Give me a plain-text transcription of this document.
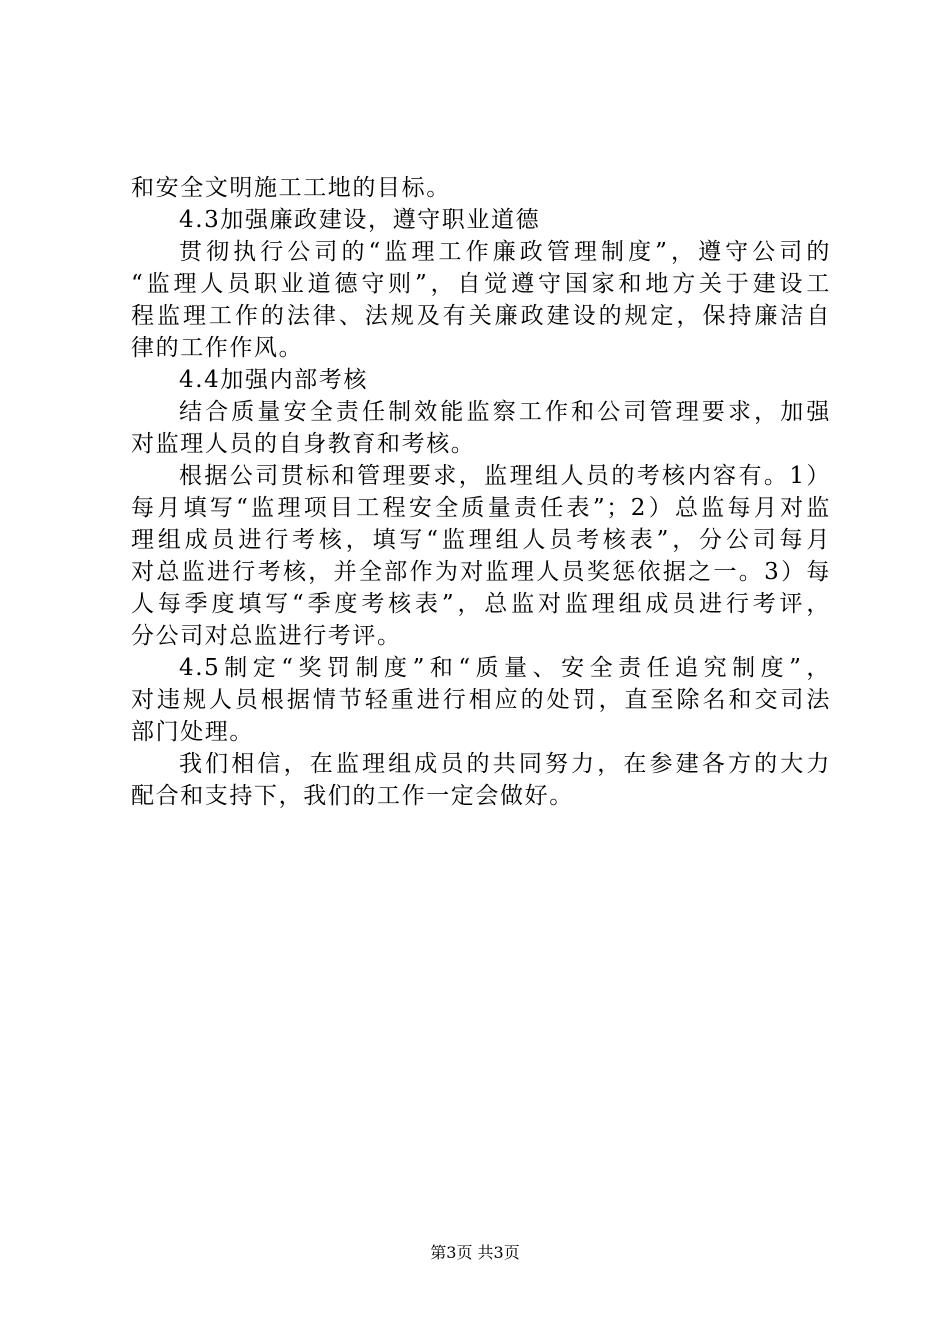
和安全文明施工工地的目标。
4.3加强廉政建设，遵守职业道德
贯彻执行公司的“监理工作廉政管理制度”，遵守公司的
“监理人员职业道德守则”，自觉遵守国家和地方关于建设工
程监理工作的法律、法规及有关廉政建设的规定，保持廉洁自
律的工作作风。
4.4加强内部考核
结合质量安全责任制效能监察工作和公司管理要求，加强
对监理人员的自身教育和考核。
根据公司贯标和管理要求，监理组人员的考核内容有。1）
每月填写“监理项目工程安全质量责任表”；2）总监每月对监
理组成员进行考核，填写“监理组人员考核表”，分公司每月
对总监进行考核，并全部作为对监理人员奖惩依据之一。3）每
人每季度填写“季度考核表”，总监对监理组成员进行考评，
分公司对总监进行考评。
4.5制定“奖罚制度”和“质量、安全责任追究制度”，
对违规人员根据情节轻重进行相应的处罚，直至除名和交司法
部门处理。
我们相信，在监理组成员的共同努力，在参建各方的大力
配合和支持下，我们的工作一定会做好。
第3页 共3页
